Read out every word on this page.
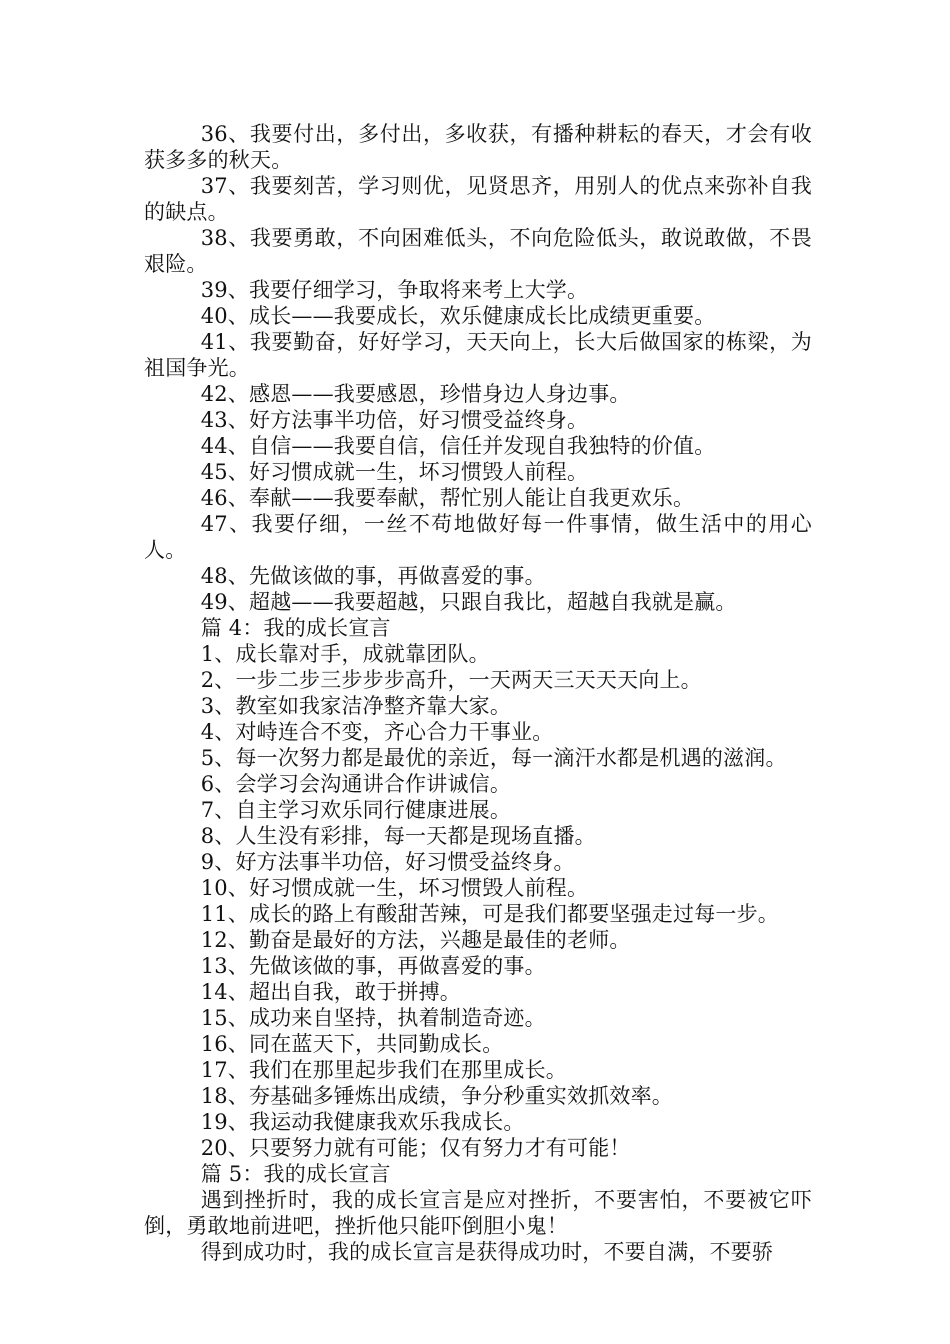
36、我要付出，多付出，多收获，有播种耕耘的春天，才会有收获多多的秋天。

37、我要刻苦，学习则优，见贤思齐，用别人的优点来弥补自我的缺点。

38、我要勇敢，不向困难低头，不向危险低头，敢说敢做，不畏艰险。

39、我要仔细学习，争取将来考上大学。

40、成长——我要成长，欢乐健康成长比成绩更重要。

41、我要勤奋，好好学习，天天向上，长大后做国家的栋梁，为祖国争光。

42、感恩——我要感恩，珍惜身边人身边事。

43、好方法事半功倍，好习惯受益终身。

44、自信——我要自信，信任并发现自我独特的价值。

45、好习惯成就一生，坏习惯毁人前程。

46、奉献——我要奉献，帮忙别人能让自我更欢乐。

47、我要仔细，一丝不苟地做好每一件事情，做生活中的用心人。

48、先做该做的事，再做喜爱的事。

49、超越——我要超越，只跟自我比，超越自我就是赢。

篇 4：我的成长宣言

1、成长靠对手，成就靠团队。

2、一步二步三步步步高升，一天两天三天天天向上。

3、教室如我家洁净整齐靠大家。

4、对峙连合不变，齐心合力干事业。

5、每一次努力都是最优的亲近，每一滴汗水都是机遇的滋润。

6、会学习会沟通讲合作讲诚信。

7、自主学习欢乐同行健康进展。

8、人生没有彩排，每一天都是现场直播。

9、好方法事半功倍，好习惯受益终身。

10、好习惯成就一生，坏习惯毁人前程。

11、成长的路上有酸甜苦辣，可是我们都要坚强走过每一步。

12、勤奋是最好的方法，兴趣是最佳的老师。

13、先做该做的事，再做喜爱的事。

14、超出自我，敢于拼搏。

15、成功来自坚持，执着制造奇迹。

16、同在蓝天下，共同勤成长。

17、我们在那里起步我们在那里成长。

18、夯基础多锤炼出成绩，争分秒重实效抓效率。

19、我运动我健康我欢乐我成长。

20、只要努力就有可能；仅有努力才有可能！

篇 5：我的成长宣言

遇到挫折时，我的成长宣言是应对挫折，不要害怕，不要被它吓倒，勇敢地前进吧，挫折他只能吓倒胆小鬼！

得到成功时，我的成长宣言是获得成功时，不要自满，不要骄
